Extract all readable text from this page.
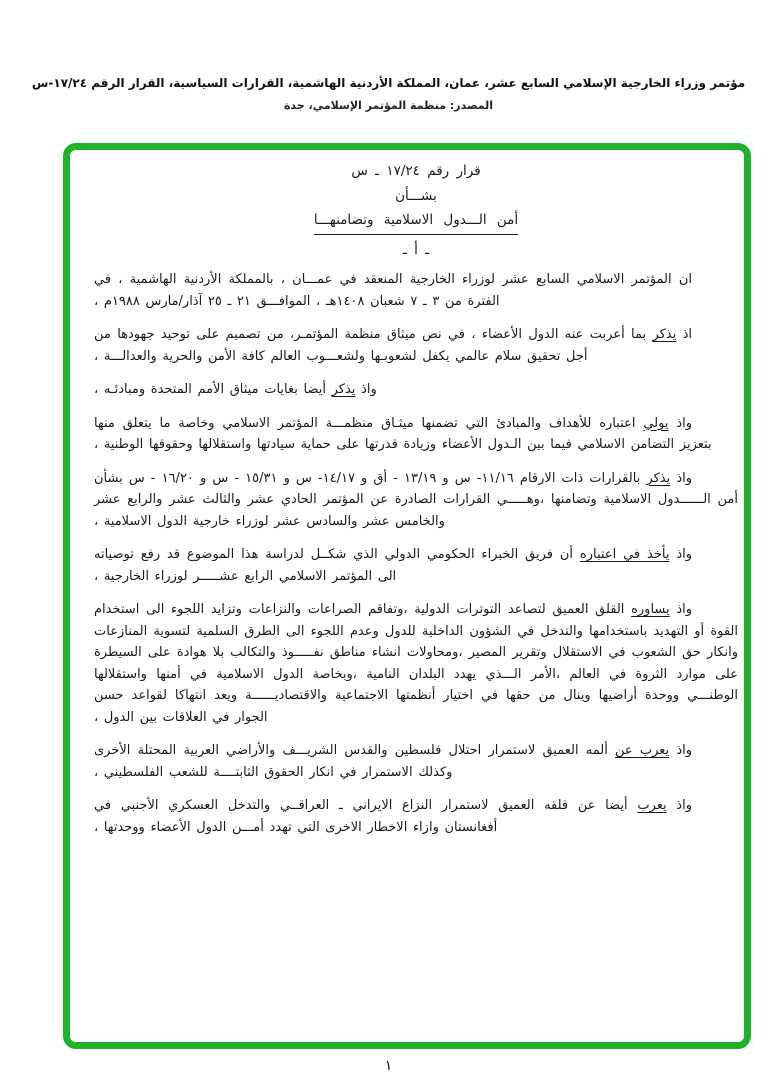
مؤتمر وزراء الخارجية الإسلامي السابع عشر، عمان، المملكة الأردنية الهاشمية، القرارات السياسية، القرار الرقم ١٧/٢٤-س
المصدر: منظمة المؤتمر الإسلامي، جدة
قرار رقم ١٧/٢٤ ـ س
بشـــأن
أمن الـــدول الاسلامية وتضامنهـــا
ـ أ ـ

ان المؤتمر الاسلامي السابع عشر لوزراء الخارجية المنعقد في عمـــان ، بالمملكة الأردنية الهاشمية ، في الفترة من ٣ ـ ٧ شعبان ١٤٠٨هـ ، الموافـــق ٢١ ـ ٢٥ آذار/مارس ١٩٨٨م ،

اذ يذكر بما أعربت عنه الدول الأعضاء ، في نص ميثاق منظمة المؤتمـر، من تصميم على توحيد جهودها من أجل تحقيق سلام عالمي يكفل لشعوبـها ولشعـــوب العالم كافة الأمن والحرية والعدالـــة ،

واذ يذكر أيضا بغايات ميثاق الأمم المتحدة ومبادئـه ،

واذ يولي اعتباره للأهداف والمبادئ التي تضمنها ميثـاق منظمـــة المؤتمر الاسلامي وخاصة ما يتعلق منها بتعزيز التضامن الاسلامي فيما بين الـدول الأعضاء وزيادة قدرتها على حماية سيادتها واستقلالها وحقوقها الوطنية ،

واذ يذكر بالقرارات ذات الارقام ١١/١٦- س و ١٣/١٩ - أق و ١٤/١٧- س و ١٥/٣١ - س و ١٦/٢٠ - س بشأن أمن الــــــدول الاسلامية وتضامنها ،وهـــــي القرارات الصادرة عن المؤتمر الحادي عشر والثالث عشر والرابع عشر والخامس عشر والسادس عشر لوزراء خارجية الدول الاسلامية ،

واذ يأخذ في اعتباره أن فريق الخبراء الحكومي الدولي الذي شكــل لدراسة هذا الموضوع قد رفع توصياته الى المؤتمر الاسلامي الرابع عشـــــر لوزراء الخارجية ،

واذ يساوره القلق العميق لتصاعد التوترات الدولية ،وتفاقم الصراعات والنزاعات وتزايد اللجوء الى استخدام القوة أو التهديد باستخدامها والتدخل في الشؤون الداخلية للدول وعدم اللجوء الى الطرق السلمية لتسوية المنازعات وانكار حق الشعوب في الاستقلال وتقرير المصير ،ومحاولات انشاء مناطق نفـــــوذ والتكالب بلا هوادة على السيطرة على موارد الثروة في العالم ،الأمر الـــذي يهدد البلدان النامية ،وبخاصة الدول الاسلامية في أمنها واستقلالها الوطنـــي ووحدة أراضيها وينال من حقها في اختيار أنظمتها الاجتماعية والاقتصاديــــــة ويعد انتهاكا لقواعد حسن الجوار في العلاقات بين الدول ،

واذ يعرب عن ألمه العميق لاستمرار احتلال فلسطين والقدس الشريـــف والأراضي العربية المحتلة الأخرى وكذلك الاستمرار في انكار الحقوق الثابتــــة للشعب الفلسطيني ،

واذ يعرب أيضا عن قلقه العميق لاستمرار النزاع الايراني ـ العراقــي والتدخل العسكري الأجنبي في أفغانستان وازاء الاخطار الاخرى التي تهدد أمـــن الدول الأعضاء ووحدتها ،

١
